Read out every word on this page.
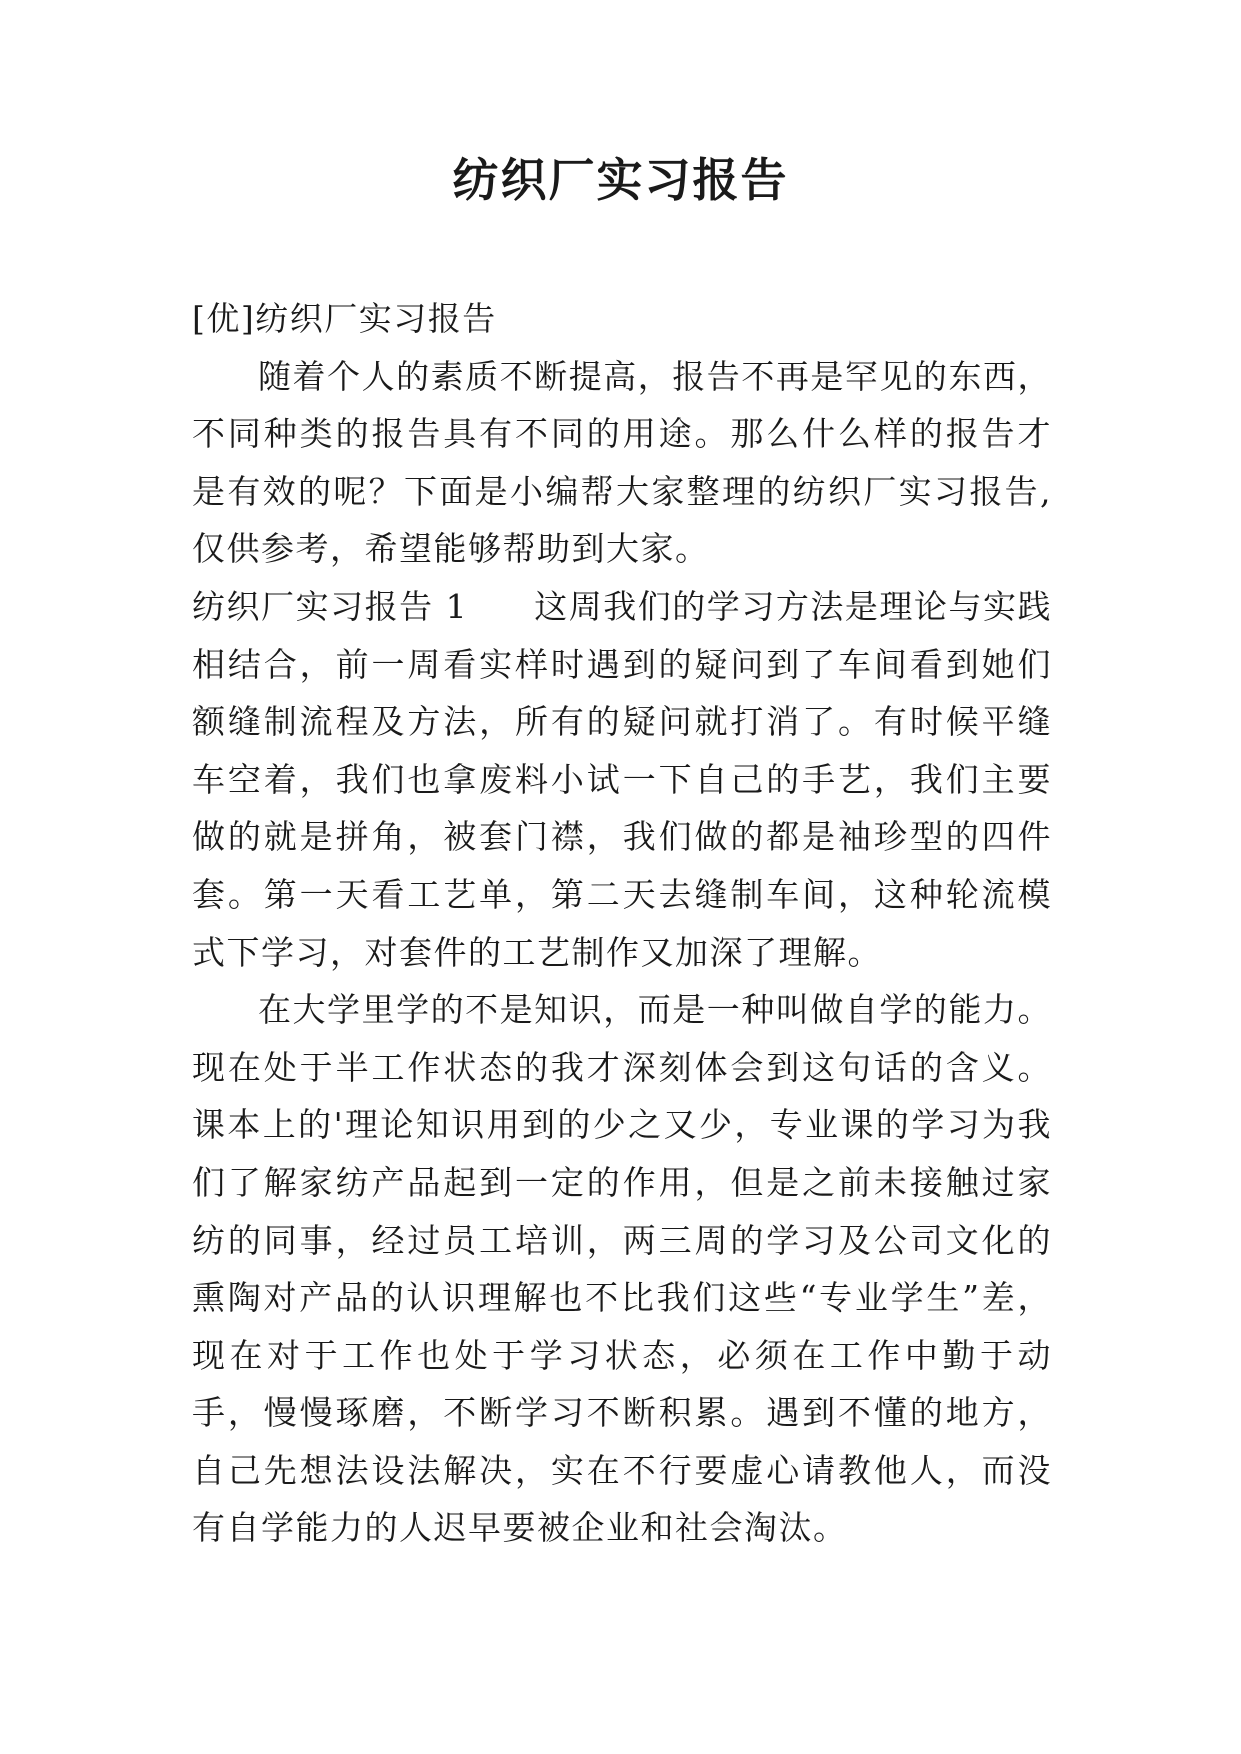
纺织厂实习报告

[优]纺织厂实习报告

随着个人的素质不断提高，报告不再是罕见的东西，不同种类的报告具有不同的用途。那么什么样的报告才是有效的呢？下面是小编帮大家整理的纺织厂实习报告,仅供参考，希望能够帮助到大家。

纺织厂实习报告 1 这周我们的学习方法是理论与实践相结合，前一周看实样时遇到的疑问到了车间看到她们额缝制流程及方法，所有的疑问就打消了。有时候平缝车空着，我们也拿废料小试一下自己的手艺，我们主要做的就是拼角，被套门襟，我们做的都是袖珍型的四件套。第一天看工艺单，第二天去缝制车间，这种轮流模式下学习，对套件的工艺制作又加深了理解。

在大学里学的不是知识，而是一种叫做自学的能力。现在处于半工作状态的我才深刻体会到这句话的含义。课本上的'理论知识用到的少之又少，专业课的学习为我们了解家纺产品起到一定的作用，但是之前未接触过家纺的同事，经过员工培训，两三周的学习及公司文化的熏陶对产品的认识理解也不比我们这些“专业学生”差，现在对于工作也处于学习状态，必须在工作中勤于动手，慢慢琢磨，不断学习不断积累。遇到不懂的地方，自己先想法设法解决，实在不行要虚心请教他人，而没有自学能力的人迟早要被企业和社会淘汰。
